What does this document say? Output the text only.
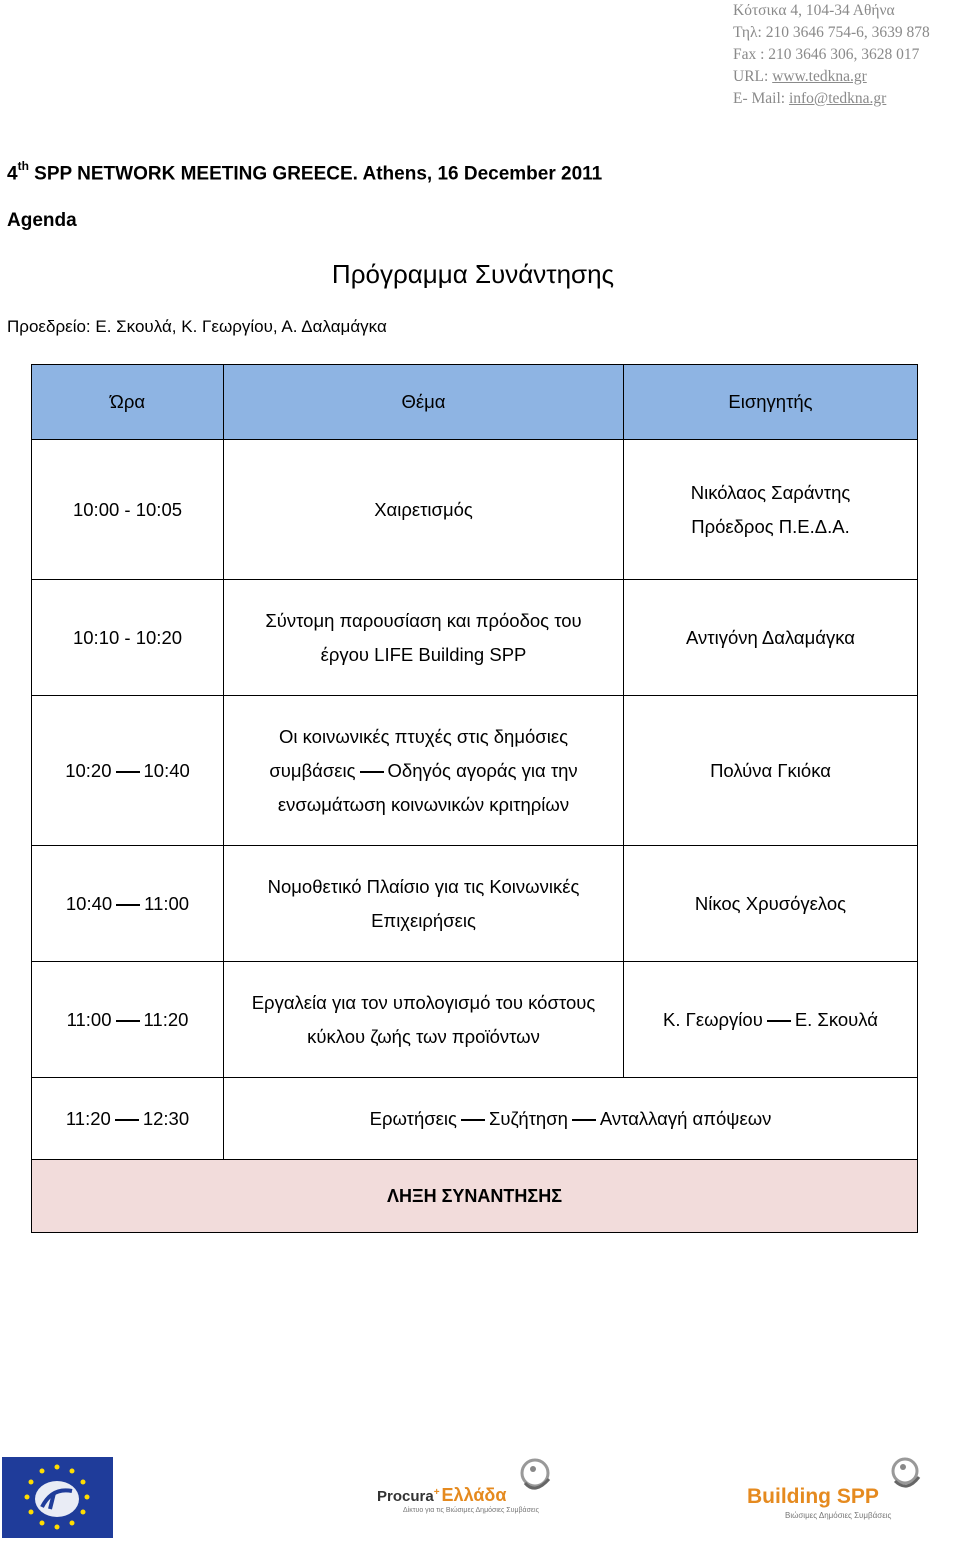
Κότσικα 4, 104-34 Αθήνα
Τηλ: 210 3646 754-6, 3639 878
Fax : 210 3646 306, 3628 017
URL: www.tedkna.gr
E- Mail: info@tedkna.gr
4th SPP NETWORK MEETING GREECE. Athens, 16 December 2011
Agenda
Πρόγραμμα Συνάντησης
Προεδρείο: Ε. Σκουλά, Κ. Γεωργίου, Α. Δαλαμάγκα
Ώρα	Θέμα	Εισηγητής
10:00 - 10:05	Χαιρετισμός	Νικόλαος Σαράντης
Πρόεδρος Π.Ε.Δ.Α.

10:10 - 10:20	Σύντομη παρουσίαση και πρόοδος του
έργου LIFE Building SPP	Αντιγόνη Δαλαμάγκα

10:20 10:40	Οι κοινωνικές πτυχές στις δημόσιες
συμβάσεις Οδηγός αγοράς για την
ενσωμάτωση κοινωνικών κριτηρίων	Πολύνα Γκιόκα

10:40 11:00	Νομοθετικό Πλαίσιο για τις Κοινωνικές
Επιχειρήσεις	Νίκος Χρυσόγελος

11:00 11:20	Εργαλεία για τον υπολογισμό του κόστους
κύκλου ζωής των προϊόντων	Κ. Γεωργίου Ε. Σκουλά
11:20 12:30	Ερωτήσεις Συζήτηση Ανταλλαγή απόψεων	
ΛΗΞΗ ΣΥΝΑΝΤΗΣΗΣ		
Procura+ Ελλάδα
Δίκτυο για τις Βιώσιμες Δημόσιες Συμβάσεις
Building SPP
Βιώσιμες Δημόσιες Συμβάσεις
